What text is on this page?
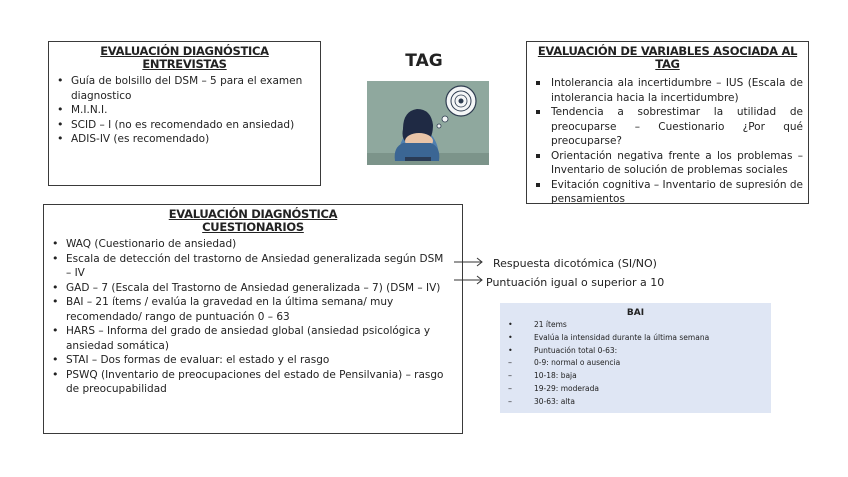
EVALUACIÓN DIAGNÓSTICA
ENTREVISTAS
• Guía de bolsillo del DSM – 5 para el examen diagnostico
• M.I.N.I.
• SCID – I (no es recomendado en ansiedad)
• ADIS-IV (es recomendado)
TAG	EVALUACIÓN DE VARIABLES ASOCIADA AL TAG
Intolerancia ala incertidumbre – IUS (Escala de intolerancia hacia la incertidumbre)
Tendencia a sobrestimar la utilidad de preocuparse – Cuestionario ¿Por qué preocuparse?
Orientación negativa frente a los problemas – Inventario de solución de problemas sociales
Evitación cognitiva – Inventario de supresión de pensamientos
EVALUACIÓN DIAGNÓSTICA
CUESTIONARIOS
• WAQ (Cuestionario de ansiedad)
• Escala de detección del trastorno de Ansiedad generalizada según DSM – IV
• GAD – 7 (Escala del Trastorno de Ansiedad generalizada – 7) (DSM – IV)
• BAI – 21 ítems / evalúa la gravedad en la última semana/ muy recomendado/ rango de puntuación 0 – 63
• HARS – Informa del grado de ansiedad global (ansiedad psicológica y ansiedad somática)
• STAI – Dos formas de evaluar: el estado y el rasgo
• PSWQ (Inventario de preocupaciones del estado de Pensilvania) – rasgo de preocupabilidad
Respuesta dicotómica (SI/NO)
Puntuación igual o superior a 10
BAI
• 21 ítems
• Evalúa la intensidad durante la última semana
• Puntuación total 0-63:
– 0-9: normal o ausencia
– 10-18: baja
– 19-29: moderada
– 30-63: alta
